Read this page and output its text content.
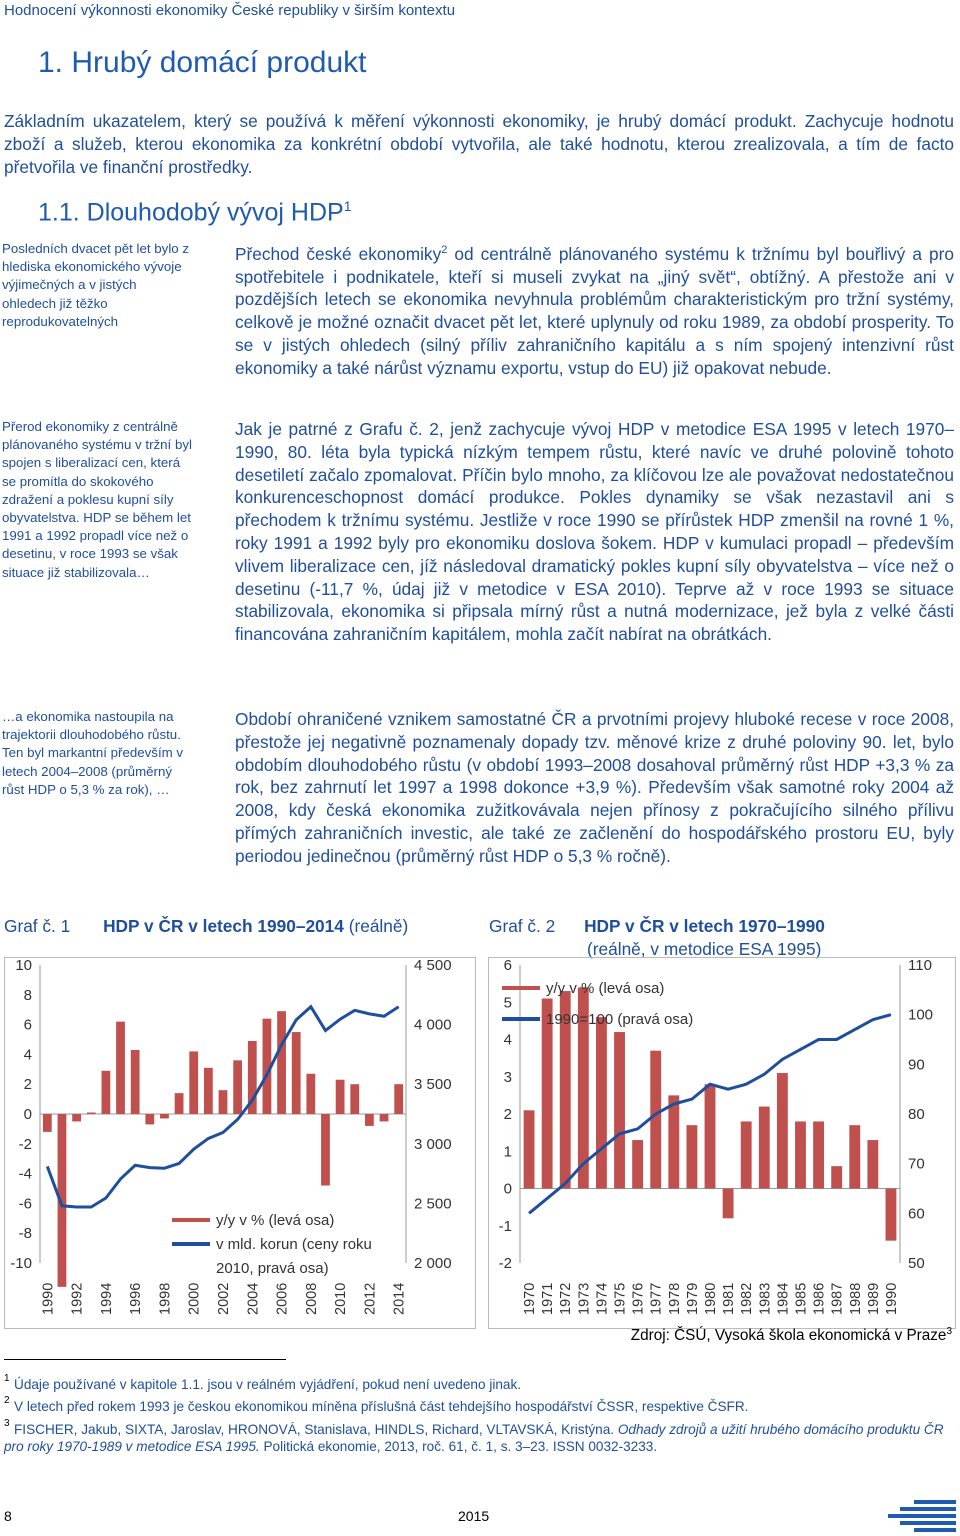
Hodnocení výkonnosti ekonomiky České republiky v širším kontextu
1. Hrubý domácí produkt
Základním ukazatelem, který se používá k měření výkonnosti ekonomiky, je hrubý domácí produkt. Zachycuje hodnotu zboží a služeb, kterou ekonomika za konkrétní období vytvořila, ale také hodnotu, kterou zrealizovala, a tím de facto přetvořila ve finanční prostředky.
1.1. Dlouhodobý vývoj HDP$^1$
Posledních dvacet pět let bylo z hlediska ekonomického vývoje výjimečných a v jistých ohledech již těžko reprodukovatelných
Přerod ekonomiky z centrálně plánovaného systému v tržní byl spojen s liberalizací cen, která se promítla do skokového zdražení a poklesu kupní síly obyvatelstva. HDP se během let 1991 a 1992 propadl více než o desetinu, v roce 1993 se však situace již stabilizovala…
…a ekonomika nastoupila na trajektorii dlouhodobého růstu. Ten byl markantní především v letech 2004–2008 (průměrný růst HDP o 5,3 % za rok), …
Přechod české ekonomiky$^2$ od centrálně plánovaného systému k tržnímu byl bouřlivý a pro spotřebitele i podnikatele, kteří si museli zvykat na „jiný svět“, obtížný. A přestože ani v pozdějších letech se ekonomika nevyhnula problémům charakteristickým pro tržní systémy, celkově je možné označit dvacet pět let, které uplynuly od roku 1989, za období prosperity. To se v jistých ohledech (silný příliv zahraničního kapitálu a s ním spojený intenzivní růst ekonomiky a také nárůst významu exportu, vstup do EU) již opakovat nebude.
Jak je patrné z Grafu č. 2, jenž zachycuje vývoj HDP v metodice ESA 1995 v letech 1970–1990, 80. léta byla typická nízkým tempem růstu, které navíc ve druhé polovině tohoto desetiletí začalo zpomalovat. Příčin bylo mnoho, za klíčovou lze ale považovat nedostatečnou konkurenceschopnost domácí produkce. Pokles dynamiky se však nezastavil ani s přechodem k tržnímu systému. Jestliže v roce 1990 se přírůstek HDP zmenšil na rovné 1 %, roky 1991 a 1992 byly pro ekonomiku doslova šokem. HDP v kumulaci propadl – především vlivem liberalizace cen, jíž následoval dramatický pokles kupní síly obyvatelstva – více než o desetinu (-11,7 %, údaj již v metodice v ESA 2010). Teprve až v roce 1993 se situace stabilizovala, ekonomika si připsala mírný růst a nutná modernizace, jež byla z velké části financována zahraničním kapitálem, mohla začít nabírat na obrátkách.
Období ohraničené vznikem samostatné ČR a prvotními projevy hluboké recese v roce 2008, přestože jej negativně poznamenaly dopady tzv. měnové krize z druhé poloviny 90. let, bylo obdobím dlouhodobého růstu (v období 1993–2008 dosahoval průměrný růst HDP +3,3 % za rok, bez zahrnutí let 1997 a 1998 dokonce +3,9 %). Především však samotné roky 2004 až 2008, kdy česká ekonomika zužitkovávala nejen přínosy z pokračujícího silného přílivu přímých zahraničních investic, ale také ze začlenění do hospodářského prostoru EU, byly periodou jedinečnou (průměrný růst HDP o 5,3 % ročně).
Graf č. 1 HDP v ČR v letech 1990–2014 (reálně)	Graf č. 2 HDP v ČR v letech 1970–1990
(reálně, v metodice ESA 1995)
10
8
6
4
2
0
-2
-4
-6
-8
-10
4 500
4 000
3 500
3 000
2 500
2 000
1990 1992 1994 1996 1998 2000 2002 2004 2006 2008 2010 2012 2014
y/y v % (levá osa)
v mld. korun (ceny roku
2010, pravá osa)
6
5
4
3
2
1
0
-1
-2
110
100
90
80
70
60
50
1970 1971 1972 1973 1974 1975 1976 1977 1978 1979 1980 1981 1982 1983 1984 1985 1986 1987 1988 1989 1990
y/y v % (levá osa)
1990=100 (pravá osa)
Zdroj: ČSÚ, Vysoká škola ekonomická v Praze$^3$
1 Údaje používané v kapitole 1.1. jsou v reálném vyjádření, pokud není uvedeno jinak.
2 V letech před rokem 1993 je českou ekonomikou míněna příslušná část tehdejšího hospodářství ČSSR, respektive ČSFR.
3 FISCHER, Jakub, SIXTA, Jaroslav, HRONOVÁ, Stanislava, HINDLS, Richard, VLTAVSKÁ, Kristýna. Odhady zdrojů a užití hrubého domácího produktu ČR pro roky 1970-1989 v metodice ESA 1995. Politická ekonomie, 2013, roč. 61, č. 1, s. 3–23. ISSN 0032-3233.
8	2015
